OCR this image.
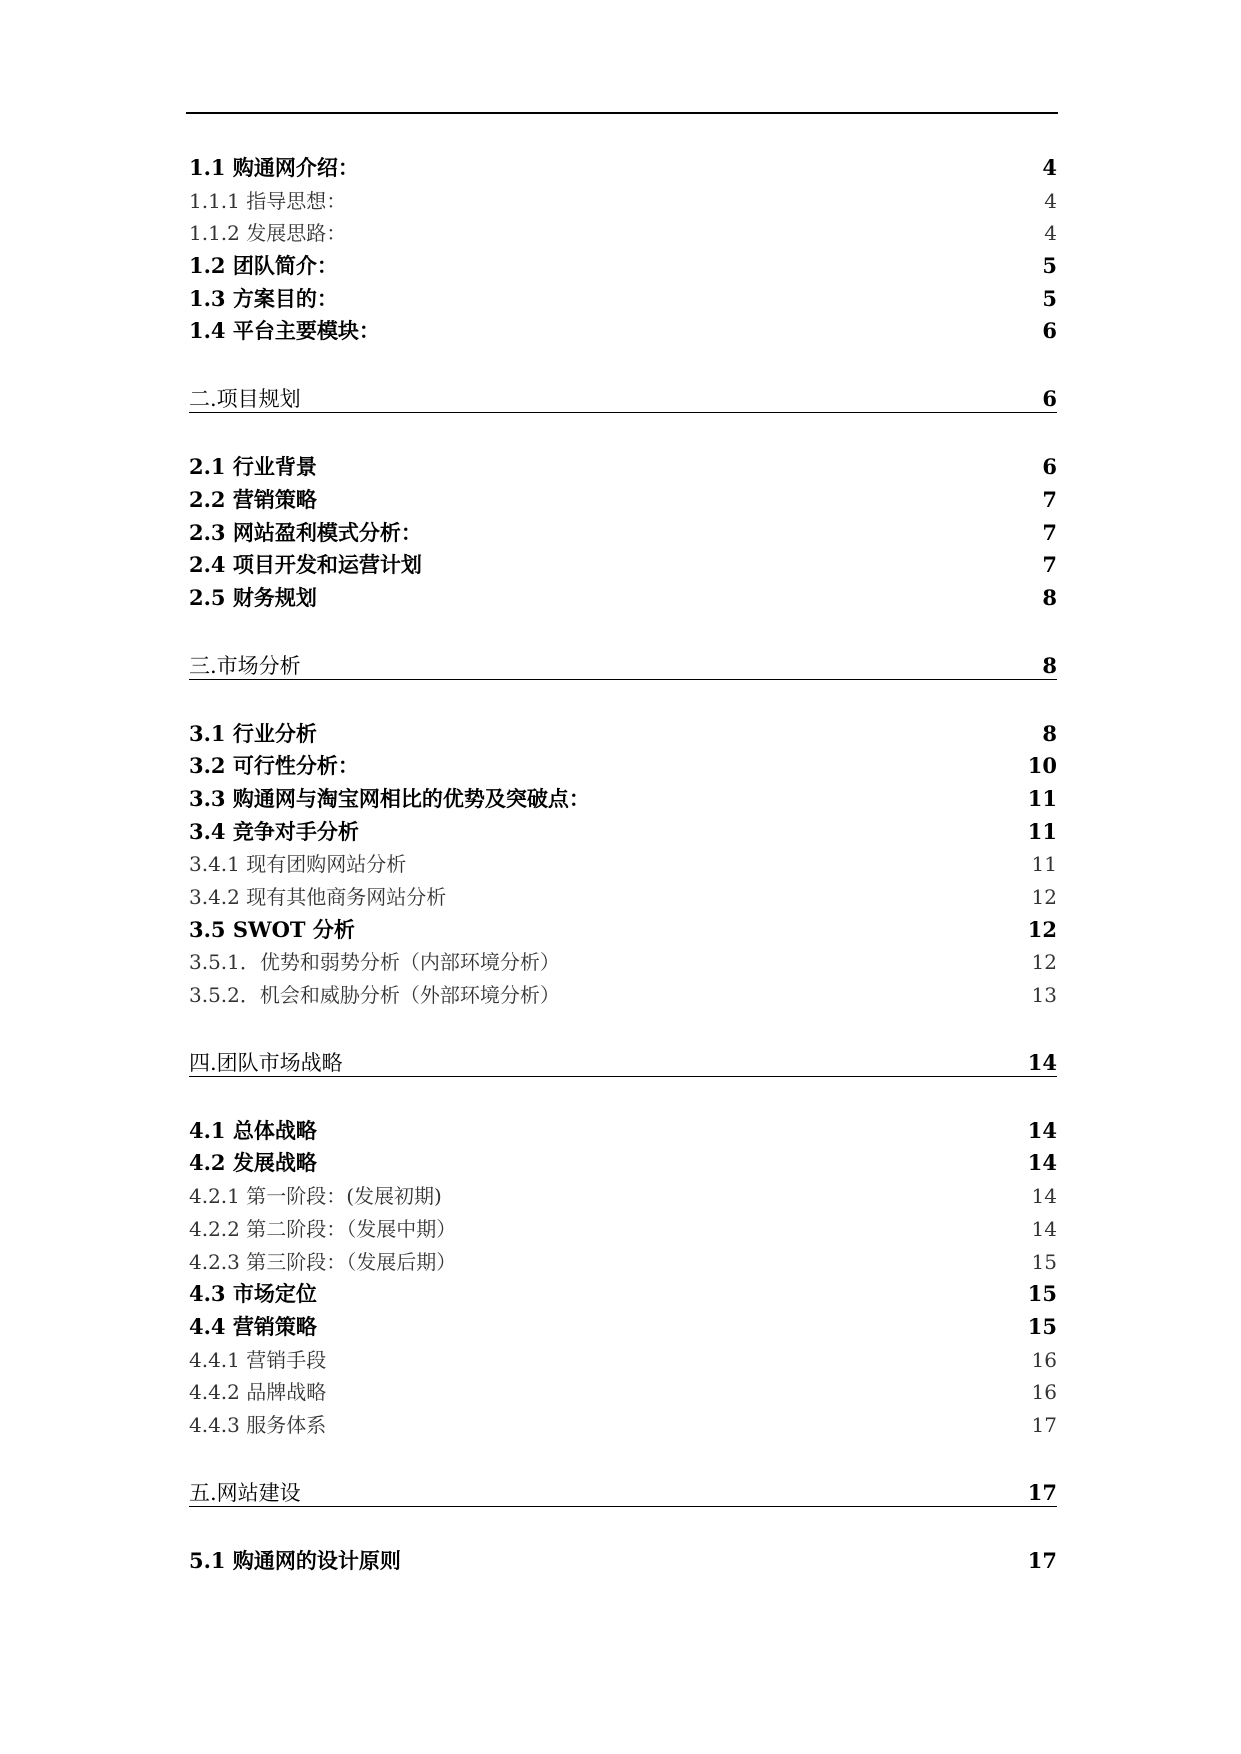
1.1 购通网介绍：	4
1.1.1 指导思想：	4
1.1.2 发展思路：	4
1.2 团队简介：	5
1.3 方案目的：	5
1.4 平台主要模块：	6
二.项目规划	6
2.1 行业背景	6
2.2 营销策略	7
2.3 网站盈利模式分析：	7
2.4 项目开发和运营计划	7
2.5 财务规划	8
三.市场分析	8
3.1 行业分析	8
3.2 可行性分析：	10
3.3 购通网与淘宝网相比的优势及突破点：	11
3.4 竞争对手分析	11
3.4.1 现有团购网站分析	11
3.4.2 现有其他商务网站分析	12
3.5 SWOT 分析	12
3.5.1．优势和弱势分析（内部环境分析）	12
3.5.2．机会和威胁分析（外部环境分析）	13
四.团队市场战略	14
4.1 总体战略	14
4.2 发展战略	14
4.2.1 第一阶段：(发展初期)	14
4.2.2 第二阶段：（发展中期）	14
4.2.3 第三阶段：（发展后期）	15
4.3 市场定位	15
4.4 营销策略	15
4.4.1 营销手段	16
4.4.2 品牌战略	16
4.4.3 服务体系	17
五.网站建设	17
5.1 购通网的设计原则	17
